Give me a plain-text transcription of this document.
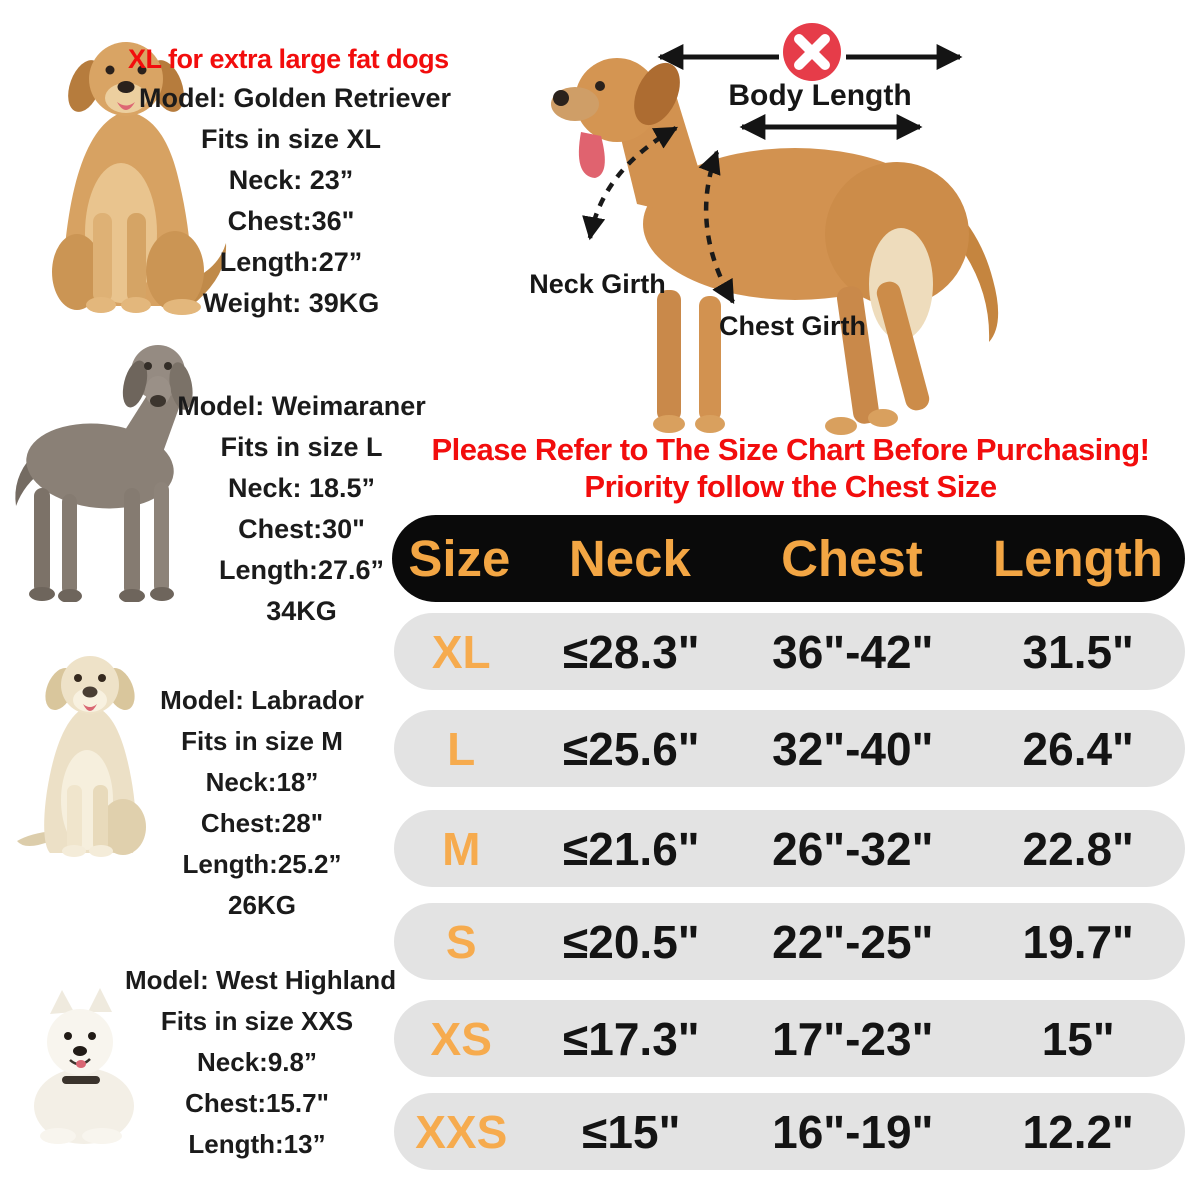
XL for extra large fat dogs
Model: Golden Retriever
Fits in size XL
Neck: 23”
Chest:36"
Length:27”
Weight: 39KG
Body Length
Neck Girth
Chest Girth
Model: Weimaraner
Fits in size L
Neck: 18.5”
Chest:30"
Length:27.6”
34KG
Please Refer to The Size Chart Before Purchasing!
Priority follow the Chest Size
Size	Neck	Chest	Length
XL	≤28.3"	36"-42"	31.5"
L	≤25.6"	32"-40"	26.4"
M	≤21.6"	26"-32"	22.8"
S	≤20.5"	22"-25"	19.7"
XS	≤17.3"	17"-23"	15"
XXS	≤15"	16"-19"	12.2"
Model: Labrador
Fits in size M
Neck:18”
Chest:28"
Length:25.2”
26KG
Model: West Highland
Fits in size XXS
Neck:9.8”
Chest:15.7"
Length:13”
